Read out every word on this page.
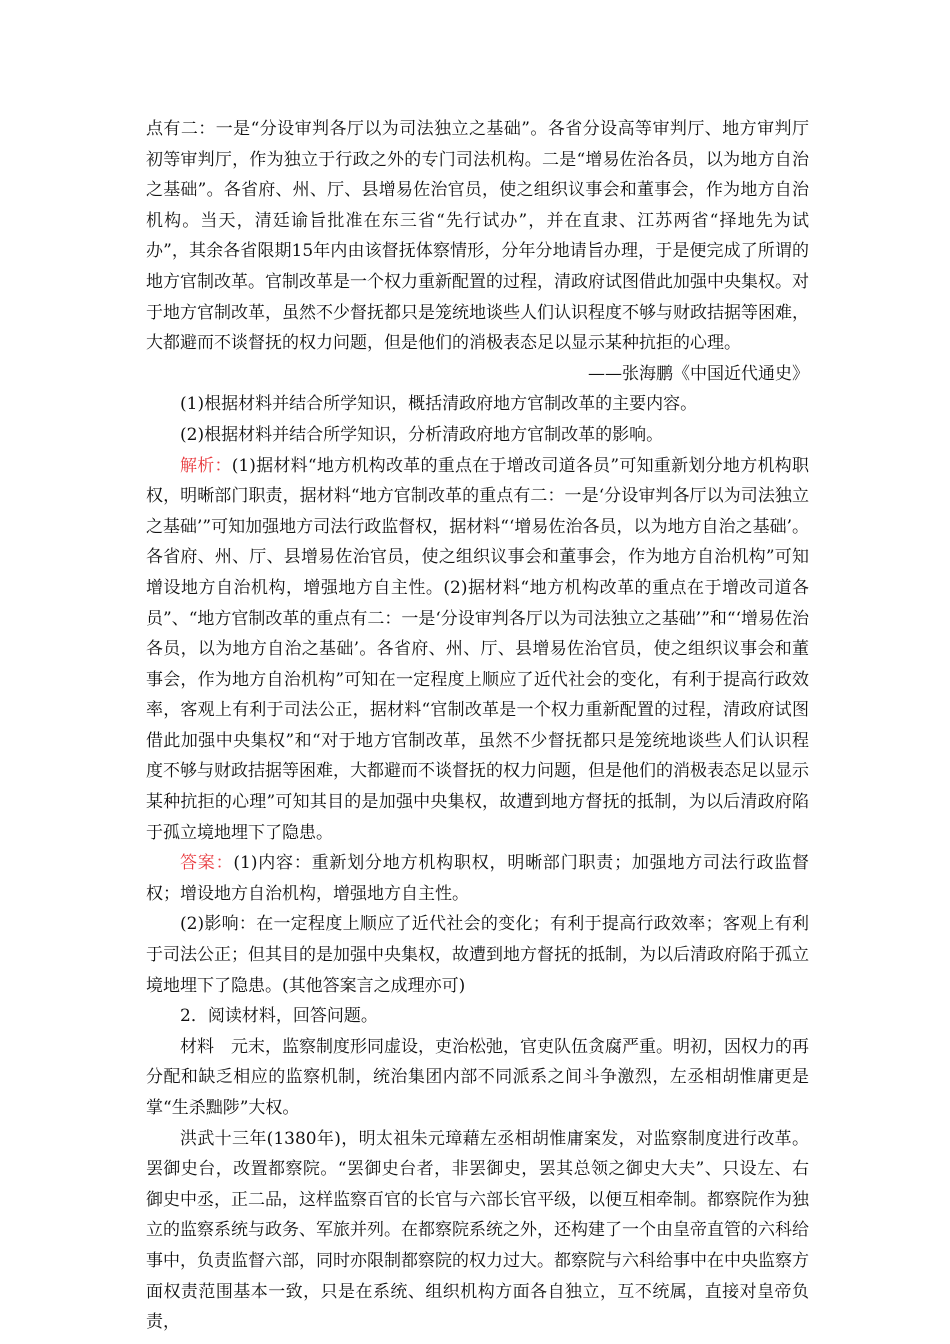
点有二：一是“分设审判各厅以为司法独立之基础”。各省分设高等审判厅、地方审判厅初等审判厅，作为独立于行政之外的专门司法机构。二是“增易佐治各员，以为地方自治之基础”。各省府、州、厅、县增易佐治官员，使之组织议事会和董事会，作为地方自治机构。当天，清廷谕旨批准在东三省“先行试办”，并在直隶、江苏两省“择地先为试办”，其余各省限期15年内由该督抚体察情形，分年分地请旨办理，于是便完成了所谓的地方官制改革。官制改革是一个权力重新配置的过程，清政府试图借此加强中央集权。对于地方官制改革，虽然不少督抚都只是笼统地谈些人们认识程度不够与财政拮据等困难，大都避而不谈督抚的权力问题，但是他们的消极表态足以显示某种抗拒的心理。

——张海鹏《中国近代通史》

(1)根据材料并结合所学知识，概括清政府地方官制改革的主要内容。

(2)根据材料并结合所学知识，分析清政府地方官制改革的影响。

解析：(1)据材料“地方机构改革的重点在于增改司道各员”可知重新划分地方机构职权，明晰部门职责，据材料“地方官制改革的重点有二：一是‘分设审判各厅以为司法独立之基础’”可知加强地方司法行政监督权，据材料“‘增易佐治各员，以为地方自治之基础’。各省府、州、厅、县增易佐治官员，使之组织议事会和董事会，作为地方自治机构”可知增设地方自治机构，增强地方自主性。(2)据材料“地方机构改革的重点在于增改司道各员”、“地方官制改革的重点有二：一是‘分设审判各厅以为司法独立之基础’”和“‘增易佐治各员，以为地方自治之基础’。各省府、州、厅、县增易佐治官员，使之组织议事会和董事会，作为地方自治机构”可知在一定程度上顺应了近代社会的变化，有利于提高行政效率，客观上有利于司法公正，据材料“官制改革是一个权力重新配置的过程，清政府试图借此加强中央集权”和“对于地方官制改革，虽然不少督抚都只是笼统地谈些人们认识程度不够与财政拮据等困难，大都避而不谈督抚的权力问题，但是他们的消极表态足以显示某种抗拒的心理”可知其目的是加强中央集权，故遭到地方督抚的抵制，为以后清政府陷于孤立境地埋下了隐患。

答案：(1)内容：重新划分地方机构职权，明晰部门职责；加强地方司法行政监督权；增设地方自治机构，增强地方自主性。

(2)影响：在一定程度上顺应了近代社会的变化；有利于提高行政效率；客观上有利于司法公正；但其目的是加强中央集权，故遭到地方督抚的抵制，为以后清政府陷于孤立境地埋下了隐患。(其他答案言之成理亦可)

2．阅读材料，回答问题。

材料　元末，监察制度形同虚设，吏治松弛，官吏队伍贪腐严重。明初，因权力的再分配和缺乏相应的监察机制，统治集团内部不同派系之间斗争激烈，左丞相胡惟庸更是掌“生杀黜陟”大权。

洪武十三年(1380年)，明太祖朱元璋藉左丞相胡惟庸案发，对监察制度进行改革。罢御史台，改置都察院。“罢御史台者，非罢御史，罢其总领之御史大夫”、只设左、右御史中丞，正二品，这样监察百官的长官与六部长官平级，以便互相牵制。都察院作为独立的监察系统与政务、军旅并列。在都察院系统之外，还构建了一个由皇帝直管的六科给事中，负责监督六部，同时亦限制都察院的权力过大。都察院与六科给事中在中央监察方面权责范围基本一致，只是在系统、组织机构方面各自独立，互不统属，直接对皇帝负责，
